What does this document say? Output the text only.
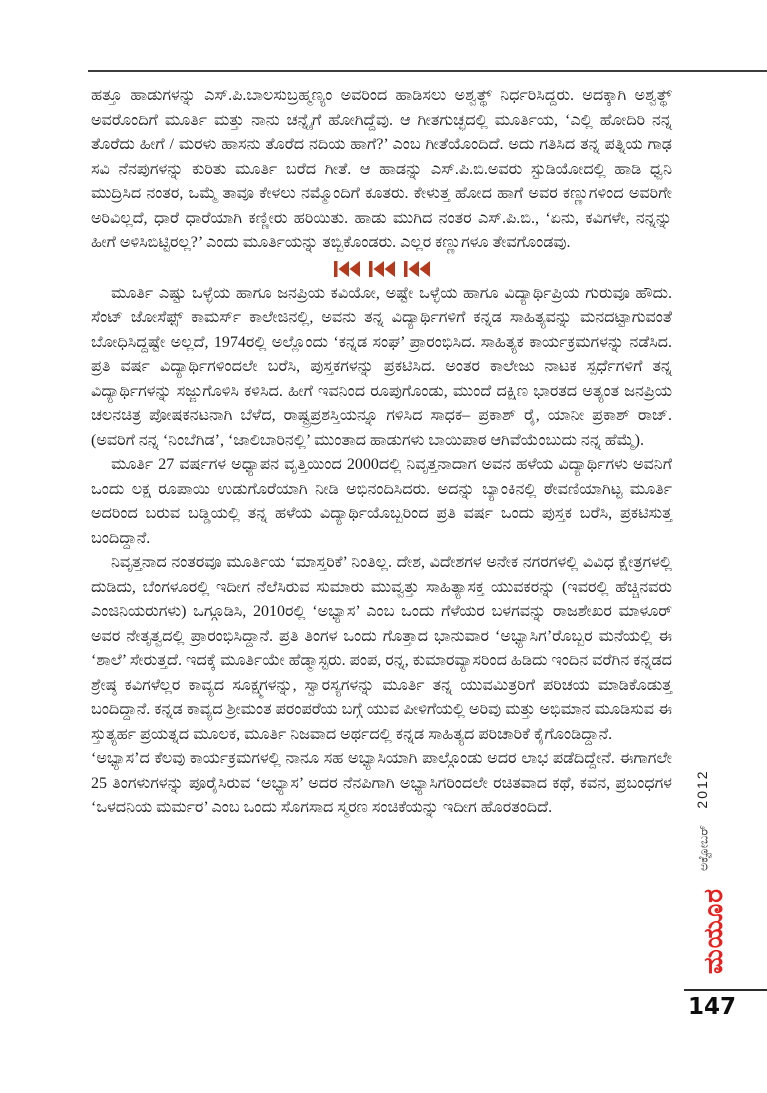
ಹತ್ತೂ ಹಾಡುಗಳನ್ನು ಎಸ್.ಪಿ.ಬಾಲಸುಬ್ರಹ್ಮಣ್ಯಂ ಅವರಿಂದ ಹಾಡಿಸಲು ಅಶ್ವತ್ಥ್ ನಿರ್ಧರಿಸಿದ್ದರು. ಅದಕ್ಕಾಗಿ ಅಶ್ವತ್ಥ್ ಅವರೊಂದಿಗೆ ಮೂರ್ತಿ ಮತ್ತು ನಾನು ಚನ್ನೈಗೆ ಹೋಗಿದ್ದೆವು. ಆ ಗೀತಗುಚ್ಛದಲ್ಲಿ ಮೂರ್ತಿಯ, ‘ಎಲ್ಲಿ ಹೋದಿರಿ ನನ್ನ ತೊರೆದು ಹೀಗೆ / ಮರಳು ಹಾಸನು ತೊರೆದ ನದಿಯ ಹಾಗೆ?’ ಎಂಬ ಗೀತೆಯೊಂದಿದೆ. ಅದು ಗತಿಸಿದ ತನ್ನ ಪತ್ನಿಯ ಗಾಢ ಸವಿ ನೆನಪುಗಳನ್ನು ಕುರಿತು ಮೂರ್ತಿ ಬರೆದ ಗೀತೆ. ಆ ಹಾಡನ್ನು ಎಸ್.ಪಿ.ಬಿ.ಅವರು ಸ್ಟುಡಿಯೋದಲ್ಲಿ ಹಾಡಿ ಧ್ವನಿ ಮುದ್ರಿಸಿದ ನಂತರ, ಒಮ್ಮೆ ತಾವೂ ಕೇಳಲು ನಮ್ಮೊಂದಿಗೆ ಕೂತರು. ಕೇಳುತ್ತ ಹೋದ ಹಾಗೆ ಅವರ ಕಣ್ಣುಗಳಿಂದ ಅವರಿಗೇ ಅರಿವಿಲ್ಲದೆ, ಧಾರೆ ಧಾರೆಯಾಗಿ ಕಣ್ಣೀರು ಹರಿಯಿತು. ಹಾಡು ಮುಗಿದ ನಂತರ ಎಸ್.ಪಿ.ಬಿ., ‘ಏನು, ಕವಿಗಳೇ, ನನ್ನನ್ನು ಹೀಗೆ ಅಳಿಸಿಬಿಟ್ಟಿರಲ್ಲ?’ ಎಂದು ಮೂರ್ತಿಯನ್ನು ತಬ್ಬಿಕೊಂಡರು. ಎಲ್ಲರ ಕಣ್ಣುಗಳೂ ತೇವಗೊಂಡವು.

ಮೂರ್ತಿ ಎಷ್ಟು ಒಳ್ಳೆಯ ಹಾಗೂ ಜನಪ್ರಿಯ ಕವಿಯೋ, ಅಷ್ಟೇ ಒಳ್ಳೆಯ ಹಾಗೂ ವಿದ್ಯಾರ್ಥಿಪ್ರಿಯ ಗುರುವೂ ಹೌದು. ಸೆಂಟ್ ಜೋಸೆಫ್ಸ್ ಕಾಮರ್ಸ್ ಕಾಲೇಜಿನಲ್ಲಿ, ಅವನು ತನ್ನ ವಿದ್ಯಾರ್ಥಿಗಳಿಗೆ ಕನ್ನಡ ಸಾಹಿತ್ಯವನ್ನು ಮನದಟ್ಟಾಗುವಂತೆ ಬೋಧಿಸಿದ್ದಷ್ಟೇ ಅಲ್ಲದೆ, 1974ರಲ್ಲಿ ಅಲ್ಲೊಂದು ‘ಕನ್ನಡ ಸಂಘ’ ಪ್ರಾರಂಭಿಸಿದ. ಸಾಹಿತ್ಯಕ ಕಾರ್ಯಕ್ರಮಗಳನ್ನು ನಡೆಸಿದ. ಪ್ರತಿ ವರ್ಷ ವಿದ್ಯಾರ್ಥಿಗಳಿಂದಲೇ ಬರೆಸಿ, ಪುಸ್ತಕಗಳನ್ನು ಪ್ರಕಟಿಸಿದ. ಅಂತರ ಕಾಲೇಜು ನಾಟಕ ಸ್ಪರ್ಧೆಗಳಿಗೆ ತನ್ನ ವಿದ್ಯಾರ್ಥಿಗಳನ್ನು ಸಜ್ಜುಗೊಳಿಸಿ ಕಳಿಸಿದ. ಹೀಗೆ ಇವನಿಂದ ರೂಪುಗೊಂಡು, ಮುಂದೆ ದಕ್ಷಿಣ ಭಾರತದ ಅತ್ಯಂತ ಜನಪ್ರಿಯ ಚಲನಚಿತ್ರ ಪೋಷಕನಟನಾಗಿ ಬೆಳೆದ, ರಾಷ್ಟ್ರಪ್ರಶಸ್ತಿಯನ್ನೂ ಗಳಿಸಿದ ಸಾಧಕ– ಪ್ರಕಾಶ್ ರೈ, ಯಾನೀ ಪ್ರಕಾಶ್ ರಾಜ್. (ಅವರಿಗೆ ನನ್ನ ‘ನಿಂಬೆಗಿಡ’, ‘ಜಾಲಿಬಾರಿನಲ್ಲಿ’ ಮುಂತಾದ ಹಾಡುಗಳು ಬಾಯಿಪಾಠ ಆಗಿವೆಯೆಂಬುದು ನನ್ನ ಹೆಮ್ಮೆ).

ಮೂರ್ತಿ 27 ವರ್ಷಗಳ ಅಧ್ಯಾಪನ ವೃತ್ತಿಯಿಂದ 2000ದಲ್ಲಿ ನಿವೃತ್ತನಾದಾಗ ಅವನ ಹಳೆಯ ವಿದ್ಯಾರ್ಥಿಗಳು ಅವನಿಗೆ ಒಂದು ಲಕ್ಷ ರೂಪಾಯಿ ಉಡುಗೊರೆಯಾಗಿ ನೀಡಿ ಅಭಿನಂದಿಸಿದರು. ಅದನ್ನು ಬ್ಯಾಂಕಿನಲ್ಲಿ ಠೇವಣಿಯಾಗಿಟ್ಟ ಮೂರ್ತಿ ಅದರಿಂದ ಬರುವ ಬಡ್ಡಿಯಲ್ಲಿ ತನ್ನ ಹಳೆಯ ವಿದ್ಯಾರ್ಥಿಯೊಬ್ಬರಿಂದ ಪ್ರತಿ ವರ್ಷ ಒಂದು ಪುಸ್ತಕ ಬರೆಸಿ, ಪ್ರಕಟಿಸುತ್ತ ಬಂದಿದ್ದಾನೆ.

ನಿವೃತ್ತನಾದ ನಂತರವೂ ಮೂರ್ತಿಯ ‘ಮಾಸ್ತರಿಕೆ’ ನಿಂತಿಲ್ಲ. ದೇಶ, ವಿದೇಶಗಳ ಅನೇಕ ನಗರಗಳಲ್ಲಿ ವಿವಿಧ ಕ್ಷೇತ್ರಗಳಲ್ಲಿ ದುಡಿದು, ಬೆಂಗಳೂರಲ್ಲಿ ಇದೀಗ ನೆಲೆಸಿರುವ ಸುಮಾರು ಮುವ್ವತ್ತು ಸಾಹಿತ್ಯಾಸಕ್ತ ಯುವಕರನ್ನು (ಇವರಲ್ಲಿ ಹೆಚ್ಚಿನವರು ಎಂಜಿನಿಯರುಗಳು) ಒಗ್ಗೂಡಿಸಿ, 2010ರಲ್ಲಿ ‘ಅಭ್ಯಾಸ’ ಎಂಬ ಒಂದು ಗೆಳೆಯರ ಬಳಗವನ್ನು ರಾಜಶೇಖರ ಮಾಳೂರ್ ಅವರ ನೇತೃತ್ವದಲ್ಲಿ ಪ್ರಾರಂಭಿಸಿದ್ದಾನೆ. ಪ್ರತಿ ತಿಂಗಳ ಒಂದು ಗೊತ್ತಾದ ಭಾನುವಾರ ‘ಅಭ್ಯಾಸಿಗ’ರೊಬ್ಬರ ಮನೆಯಲ್ಲಿ ಈ ‘ಶಾಲೆ’ ಸೇರುತ್ತದೆ. ಇದಕ್ಕೆ ಮೂರ್ತಿಯೇ ಹೆಡ್ಮಾಸ್ಟರು. ಪಂಪ, ರನ್ನ, ಕುಮಾರವ್ಯಾಸರಿಂದ ಹಿಡಿದು ಇಂದಿನ ವರೆಗಿನ ಕನ್ನಡದ ಶ್ರೇಷ್ಠ ಕವಿಗಳೆಲ್ಲರ ಕಾವ್ಯದ ಸೂಕ್ಷ್ಮಗಳನ್ನು, ಸ್ವಾರಸ್ಯಗಳನ್ನು ಮೂರ್ತಿ ತನ್ನ ಯುವಮಿತ್ರರಿಗೆ ಪರಿಚಯ ಮಾಡಿಕೊಡುತ್ತ ಬಂದಿದ್ದಾನೆ. ಕನ್ನಡ ಕಾವ್ಯದ ಶ್ರೀಮಂತ ಪರಂಪರೆಯ ಬಗ್ಗೆ ಯುವ ಪೀಳಿಗೆಯಲ್ಲಿ ಅರಿವು ಮತ್ತು ಅಭಿಮಾನ ಮೂಡಿಸುವ ಈ ಸ್ತುತ್ಯರ್ಹ ಪ್ರಯತ್ನದ ಮೂಲಕ, ಮೂರ್ತಿ ನಿಜವಾದ ಅರ್ಥದಲ್ಲಿ ಕನ್ನಡ ಸಾಹಿತ್ಯದ ಪರಿಚಾರಿಕೆ ಕೈಗೊಂಡಿದ್ದಾನೆ.

‘ಅಭ್ಯಾಸ’ದ ಕೆಲವು ಕಾರ್ಯಕ್ರಮಗಳಲ್ಲಿ ನಾನೂ ಸಹ ಅಭ್ಯಾಸಿಯಾಗಿ ಪಾಲ್ಗೊಂಡು ಅದರ ಲಾಭ ಪಡೆದಿದ್ದೇನೆ. ಈಗಾಗಲೇ 25 ತಿಂಗಳುಗಳನ್ನು ಪೂರೈಸಿರುವ ‘ಅಭ್ಯಾಸ’ ಅದರ ನೆನಪಿಗಾಗಿ ಅಭ್ಯಾಸಿಗರಿಂದಲೇ ರಚಿತವಾದ ಕಥೆ, ಕವನ, ಪ್ರಬಂಧಗಳ ‘ಒಳದನಿಯ ಮರ್ಮರ’ ಎಂಬ ಒಂದು ಸೊಗಸಾದ ಸ್ಮರಣ ಸಂಚಿಕೆಯನ್ನು ಇದೀಗ ಹೊರತಂದಿದೆ.	2012
ಅಕ್ಟೋಬರ್
ಮಯೂರ
147
